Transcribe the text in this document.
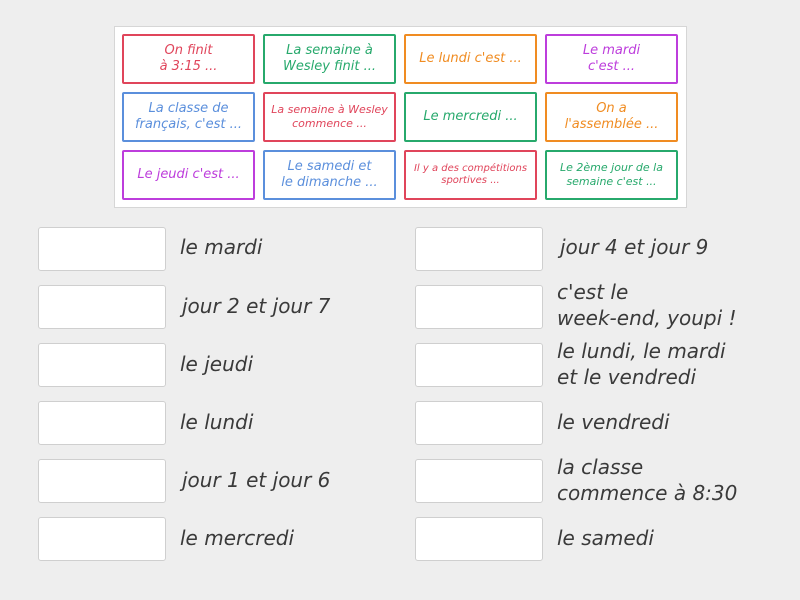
On finit
à 3:15 ...
La semaine à
Wesley finit ...
Le lundi c'est ...
Le mardi
c'est ...
La classe de
français, c'est ...
La semaine à Wesley
commence ...	Le mercredi ...
On a
l'assemblée ...
Le jeudi c'est ...
Le samedi et
le dimanche ...
Il y a des compétitions
sportives ...
Le 2ème jour de la
semaine c'est ...
le mardi
jour 2 et jour 7
le jeudi
le lundi
jour 1 et jour 6
le mercredi
jour 4 et jour 9
c'est le
week-end, youpi !
le lundi, le mardi
et le vendredi
le vendredi
la classe
commence à 8:30
le samedi
